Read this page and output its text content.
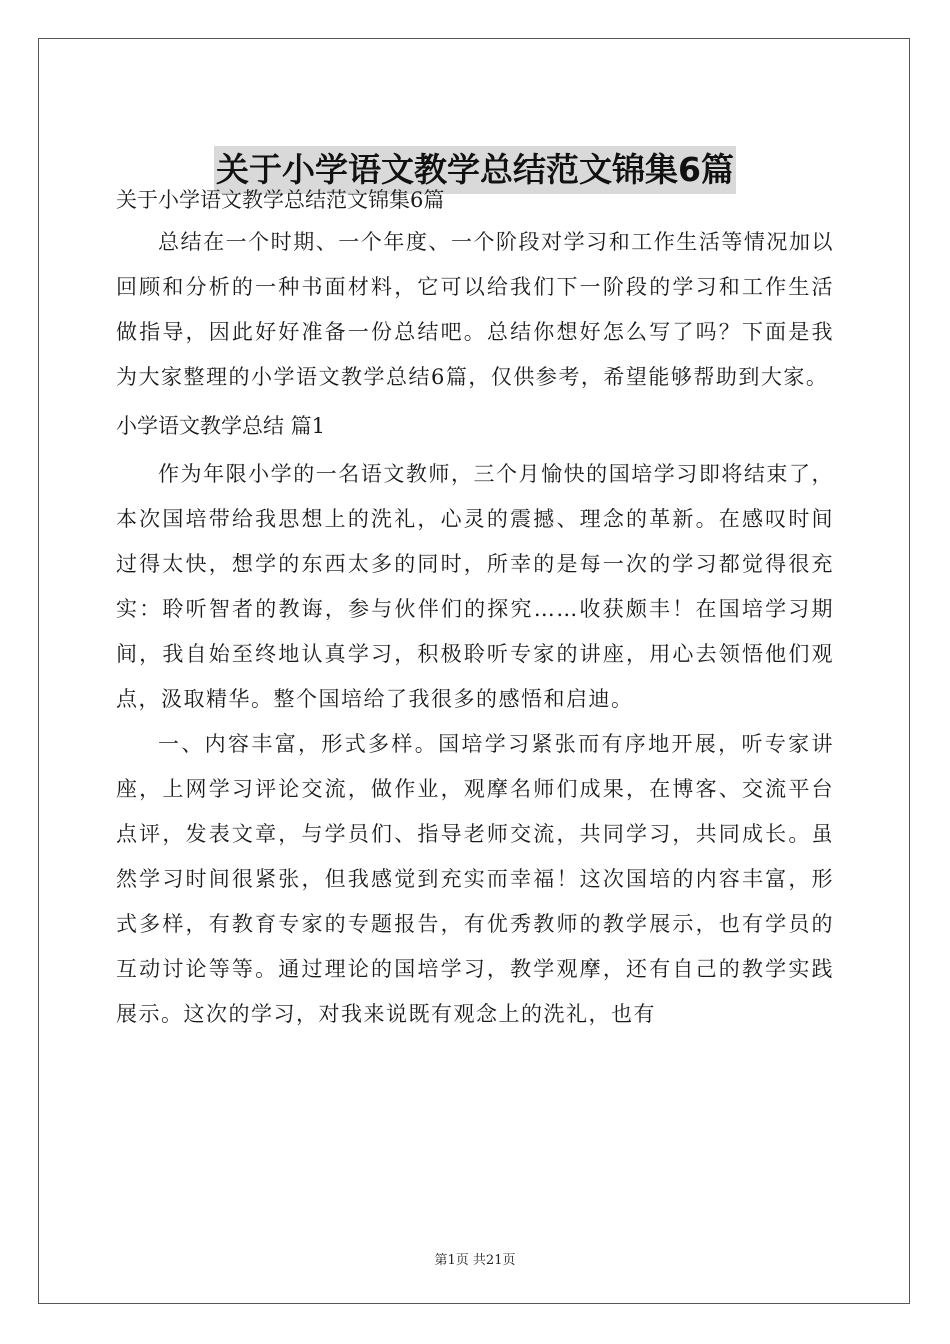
关于小学语文教学总结范文锦集6篇

关于小学语文教学总结范文锦集6篇

总结在一个时期、一个年度、一个阶段对学习和工作生活等情况加以回顾和分析的一种书面材料，它可以给我们下一阶段的学习和工作生活做指导，因此好好准备一份总结吧。总结你想好怎么写了吗？下面是我为大家整理的小学语文教学总结6篇，仅供参考，希望能够帮助到大家。

小学语文教学总结 篇1

作为年限小学的一名语文教师，三个月愉快的国培学习即将结束了，本次国培带给我思想上的洗礼，心灵的震撼、理念的革新。在感叹时间过得太快，想学的东西太多的同时，所幸的是每一次的学习都觉得很充实：聆听智者的教诲，参与伙伴们的探究……收获颇丰！在国培学习期间，我自始至终地认真学习，积极聆听专家的讲座，用心去领悟他们观点，汲取精华。整个国培给了我很多的感悟和启迪。

一、内容丰富，形式多样。国培学习紧张而有序地开展，听专家讲座，上网学习评论交流，做作业，观摩名师们成果，在博客、交流平台点评，发表文章，与学员们、指导老师交流，共同学习，共同成长。虽然学习时间很紧张，但我感觉到充实而幸福！这次国培的内容丰富，形式多样，有教育专家的专题报告，有优秀教师的教学展示，也有学员的互动讨论等等。通过理论的国培学习，教学观摩，还有自己的教学实践展示。这次的学习，对我来说既有观念上的洗礼，也有

第1页 共21页
